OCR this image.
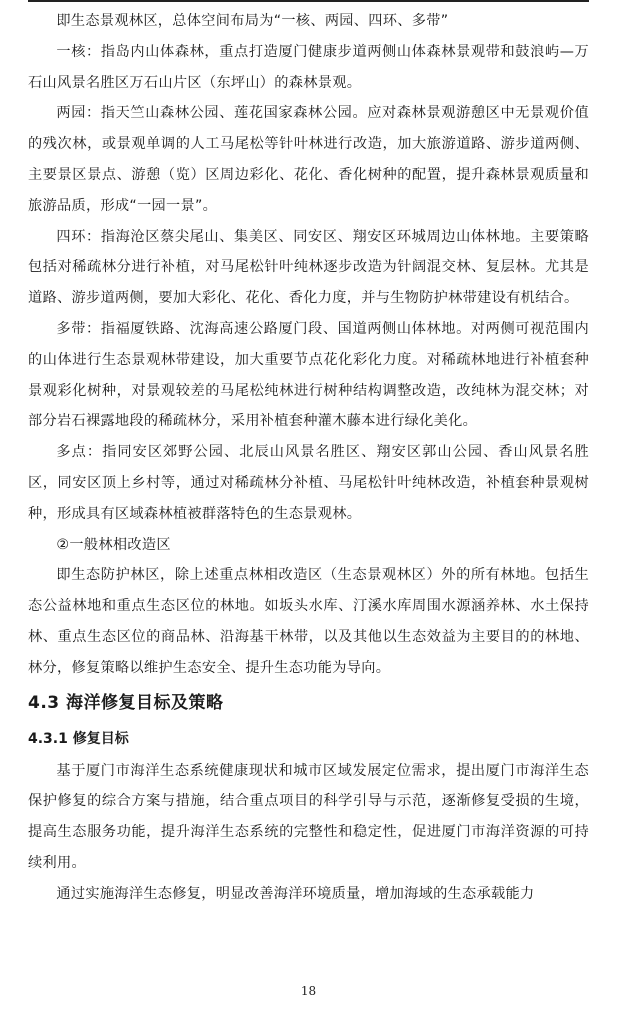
即生态景观林区，总体空间布局为“一核、两园、四环、多带”

一核：指岛内山体森林，重点打造厦门健康步道两侧山体森林景观带和鼓浪屿—万石山风景名胜区万石山片区（东坪山）的森林景观。

两园：指天竺山森林公园、莲花国家森林公园。应对森林景观游憩区中无景观价值的残次林，或景观单调的人工马尾松等针叶林进行改造，加大旅游道路、游步道两侧、主要景区景点、游憩（览）区周边彩化、花化、香化树种的配置，提升森林景观质量和旅游品质，形成“一园一景”。

四环：指海沧区蔡尖尾山、集美区、同安区、翔安区环城周边山体林地。主要策略包括对稀疏林分进行补植，对马尾松针叶纯林逐步改造为针阔混交林、复层林。尤其是道路、游步道两侧，要加大彩化、花化、香化力度，并与生物防护林带建设有机结合。

多带：指福厦铁路、沈海高速公路厦门段、国道两侧山体林地。对两侧可视范围内的山体进行生态景观林带建设，加大重要节点花化彩化力度。对稀疏林地进行补植套种景观彩化树种，对景观较差的马尾松纯林进行树种结构调整改造，改纯林为混交林；对部分岩石裸露地段的稀疏林分，采用补植套种灌木藤本进行绿化美化。

多点：指同安区郊野公园、北辰山风景名胜区、翔安区郭山公园、香山风景名胜区，同安区顶上乡村等，通过对稀疏林分补植、马尾松针叶纯林改造，补植套种景观树种，形成具有区域森林植被群落特色的生态景观林。

②一般林相改造区

即生态防护林区，除上述重点林相改造区（生态景观林区）外的所有林地。包括生态公益林地和重点生态区位的林地。如坂头水库、汀溪水库周围水源涵养林、水土保持林、重点生态区位的商品林、沿海基干林带，以及其他以生态效益为主要目的的林地、林分，修复策略以维护生态安全、提升生态功能为导向。

4.3 海洋修复目标及策略
4.3.1 修复目标

基于厦门市海洋生态系统健康现状和城市区域发展定位需求，提出厦门市海洋生态保护修复的综合方案与措施，结合重点项目的科学引导与示范，逐渐修复受损的生境，提高生态服务功能，提升海洋生态系统的完整性和稳定性，促进厦门市海洋资源的可持续利用。

通过实施海洋生态修复，明显改善海洋环境质量，增加海域的生态承载能力

18
